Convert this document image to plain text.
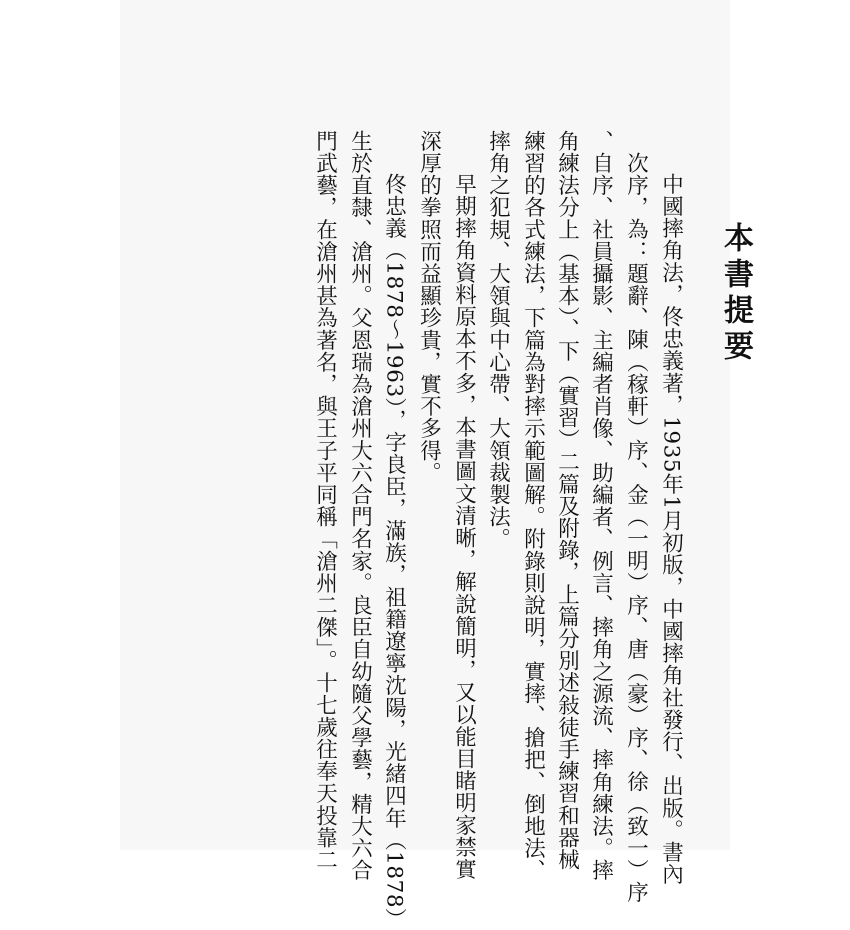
本書提要
中國摔角法，佟忠義著，1935年1月初版，中國摔角社發行、出版。書內
次序，為：題辭、陳（稼軒）序、金（一明）序、唐（豪）序、徐（致一）序
、自序、社員攝影、主編者肖像、助編者、例言、摔角之源流、摔角練法。摔
角練法分上（基本）、下（實習）二篇及附錄，上篇分別述敍徒手練習和器械
練習的各式練法，下篇為對摔示範圖解。附錄則說明，實摔、搶把、倒地法、
摔角之犯規、大領與中心帶、大領裁製法。
早期摔角資料原本不多，本書圖文清晰，解說簡明，又以能目睹明家禁實
深厚的拳照而益顯珍貴，實不多得。
佟忠義（1878～1963），字良臣，滿族，祖籍遼寧沈陽，光緒四年（1878）
生於直隸、滄州。父恩瑞為滄州大六合門名家。良臣自幼隨父學藝，精大六合
門武藝，在滄州甚為著名，與王子平同稱「滄州二傑」。十七歲往奉天投靠二
